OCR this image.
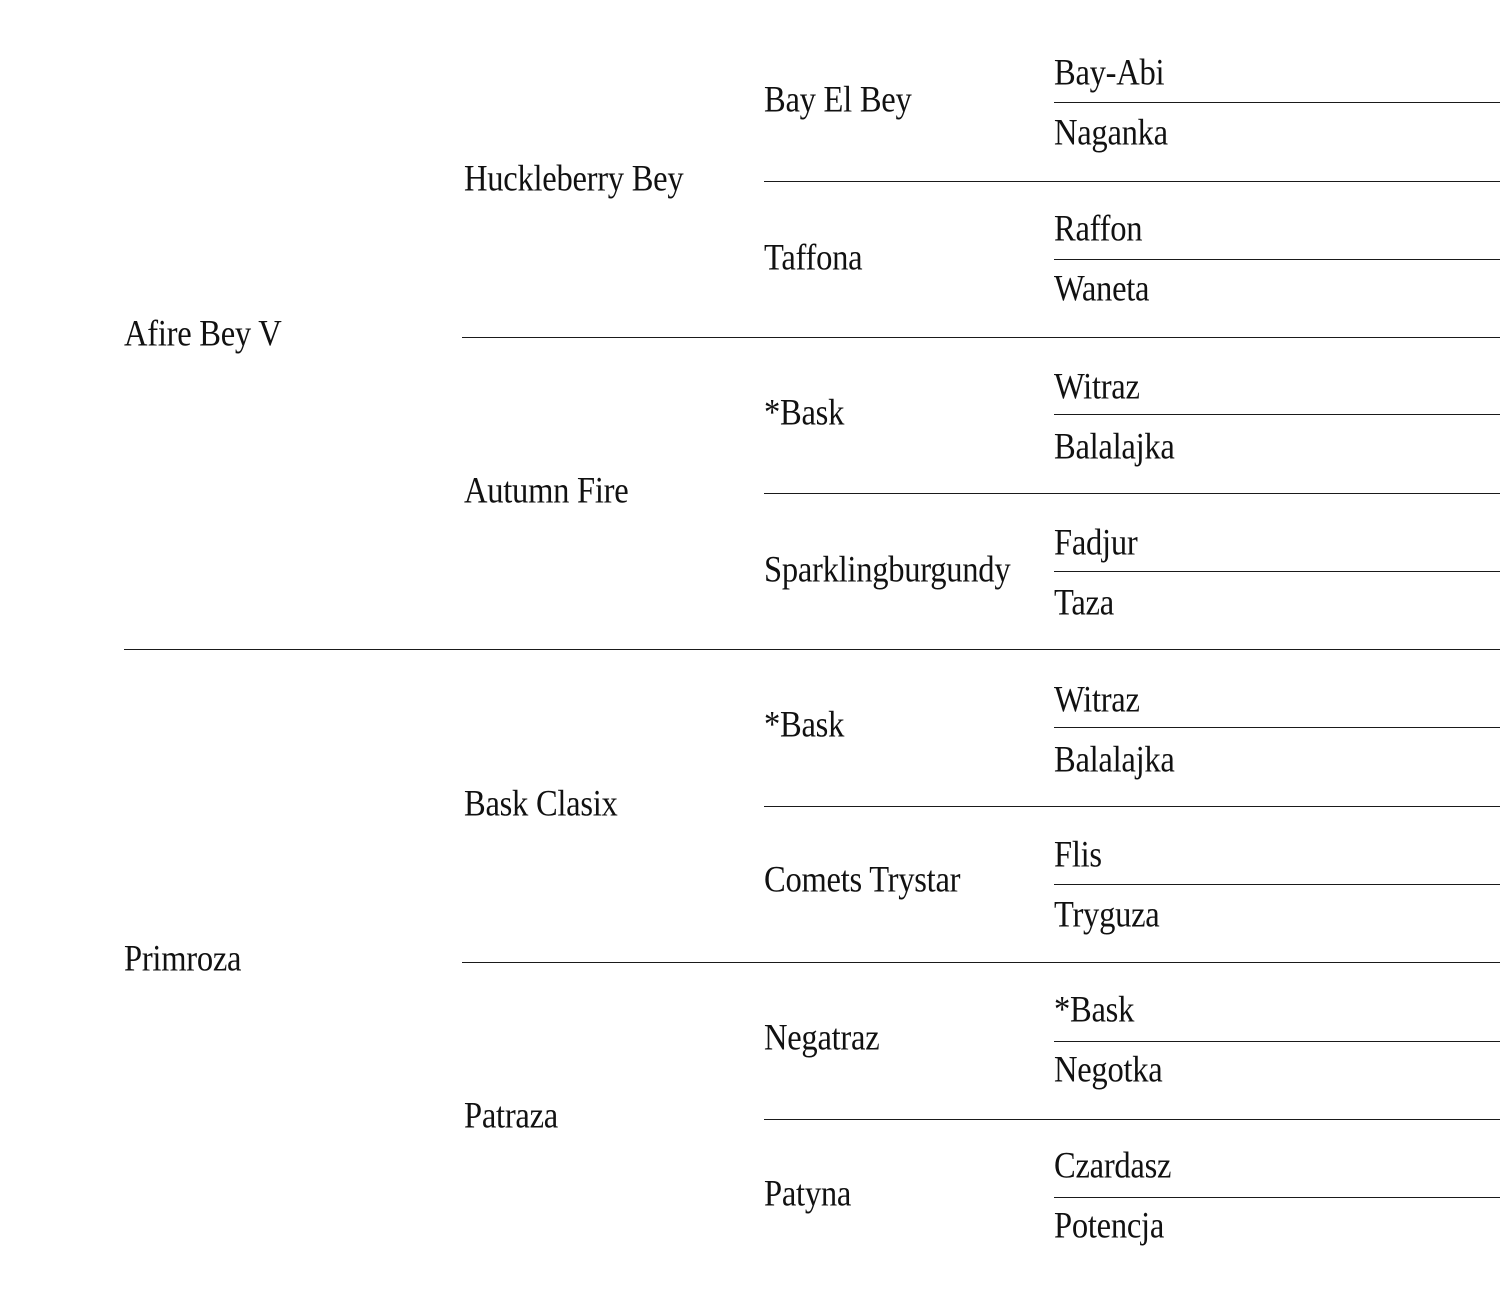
Afire Bey V
Primroza
Huckleberry Bey
Autumn Fire
Bask Clasix
Patraza
Bay El Bey
Taffona
*Bask
Sparklingburgundy
*Bask
Comets Trystar
Negatraz
Patyna
Bay-Abi
Naganka
Raffon
Waneta
Witraz
Balalajka
Fadjur
Taza
Witraz
Balalajka
Flis
Tryguza
*Bask
Negotka
Czardasz
Potencja
